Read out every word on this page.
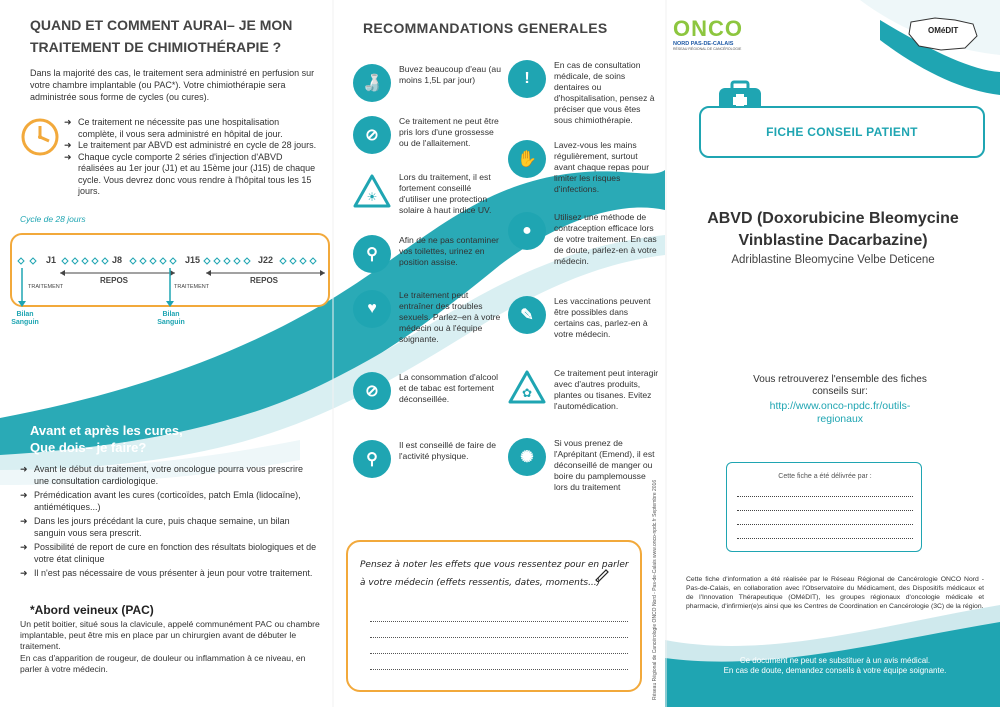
QUAND ET COMMENT AURAI– JE MON
TRAITEMENT DE CHIMIOTHÉRAPIE ?
Dans la majorité des cas, le traitement sera administré en perfusion sur votre chambre implantable (ou PAC*). Votre chimiothérapie sera administrée sous forme de cycles (ou cures).
➜ Ce traitement ne nécessite pas une hospitalisation complète, il vous sera administré en hôpital de jour.
➜ Le traitement par ABVD est administré en cycle de 28 jours.
➜ Chaque cycle comporte 2 séries d'injection d'ABVD réalisées au 1er jour (J1) et au 15ème jour (J15) de chaque cycle. Vous devrez donc vous rendre à l'hôpital tous les 15 jours.
Cycle de 28 jours
J1	J8	J15	J22
REPOS	REPOS
TRAITEMENT	TRAITEMENT
Bilan
Sanguin
Bilan
Sanguin
Avant et après les cures,
Que dois– je faire?
➜ Avant le début du traitement, votre oncologue pourra vous prescrire une consultation cardiologique.
➜ Prémédication avant les cures (corticoïdes, patch Emla (lidocaïne), antiémétiques...)
➜ Dans les jours précédant la cure, puis chaque semaine, un bilan sanguin vous sera prescrit.
➜ Possibilité de report de cure en fonction des résultats biologiques et de votre état clinique
➜ Il n'est pas nécessaire de vous présenter à jeun pour votre traitement.
*Abord veineux (PAC)
Un petit boitier, situé sous la clavicule, appelé communément PAC ou chambre implantable, peut être mis en place par un chirurgien avant de débuter le traitement.
En cas d'apparition de rougeur, de douleur ou inflammation à ce niveau, en parler à votre médecin.
RECOMMANDATIONS GENERALES
🍶
Buvez beaucoup d'eau (au moins 1,5L par jour)
⊘
Ce traitement ne peut être pris lors d'une grossesse ou de l'allaitement.
☀
Lors du traitement, il est fortement conseillé d'utiliser une protection solaire à haut indice UV.
⚲
Afin de ne pas contaminer vos toilettes, urinez en position assise.
♥
Le traitement peut entraîner des troubles sexuels. Parlez–en à votre médecin ou à l'équipe soignante.
⊘
La consommation d'alcool et de tabac est fortement déconseillée.
⚲
Il est conseillé de faire de l'activité physique.
!
En cas de consultation médicale, de soins dentaires ou d'hospitalisation, pensez à préciser que vous êtes sous chimiothérapie.
✋
Lavez-vous les mains régulièrement, surtout avant chaque repas pour limiter les risques d'infections.
●
Utilisez une méthode de contraception efficace lors de votre traitement. En cas de doute, parlez-en à votre médecin.
✎
Les vaccinations peuvent être possibles dans certains cas, parlez-en à votre médecin.
✿
Ce traitement peut interagir avec d'autres produits, plantes ou tisanes. Evitez l'automédication.
✺
Si vous prenez de l'Aprépitant (Emend), il est déconseillé de manger ou boire du pamplemousse lors du traitement
Pensez à noter les effets que vous ressentez pour en parler
à votre médecin (effets ressentis, dates, moments...)	Réseau Régional de Cancérologie ONCO Nord - Pas-de-Calais www.onco-npdc.fr Septembre 2016
ONCO
NORD PAS-DE-CALAIS
RÉSEAU RÉGIONAL DE CANCÉROLOGIE
OMéDIT
FICHE CONSEIL PATIENT
ABVD (Doxorubicine Bleomycine
Vinblastine Dacarbazine)
Adriblastine Bleomycine Velbe Deticene
Vous retrouverez l'ensemble des fiches
conseils sur:
http://www.onco-npdc.fr/outils-
regionaux
Cette fiche a été délivrée par :
Cette fiche d'information a été réalisée par le Réseau Régional de Cancérologie ONCO Nord - Pas-de-Calais, en collaboration avec l'Observatoire du Médicament, des Dispositifs médicaux et de l'Innovation Thérapeutique (OMéDIT), les groupes régionaux d'oncologie médicale et pharmacie, d'infirmier(e)s ainsi que les Centres de Coordination en Cancérologie (3C) de la région.
Ce document ne peut se substituer à un avis médical.
En cas de doute, demandez conseils à votre équipe soignante.
